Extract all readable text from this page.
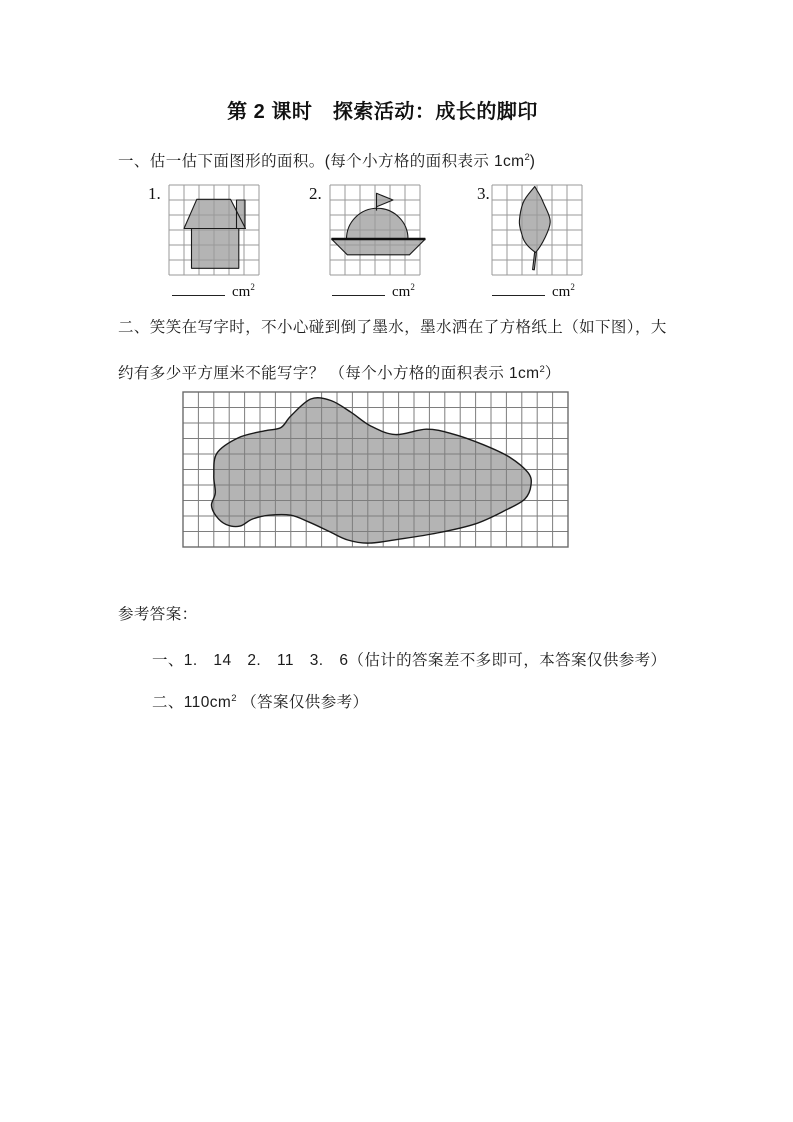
第 2 课时　探索活动：成长的脚印
一、估一估下面图形的面积。(每个小方格的面积表示 $1cm^2$)
1.
$cm^2$
2.
$cm^2$
3.
$cm^2$
二、笑笑在写字时，不小心碰到倒了墨水，墨水洒在了方格纸上（如下图），大
约有多少平方厘米不能写字？ （每个小方格的面积表示 $1cm^2$）
参考答案：
一、1.　14　2.　11　3.　6（估计的答案差不多即可，本答案仅供参考）
二、$110cm^2$ （答案仅供参考）
